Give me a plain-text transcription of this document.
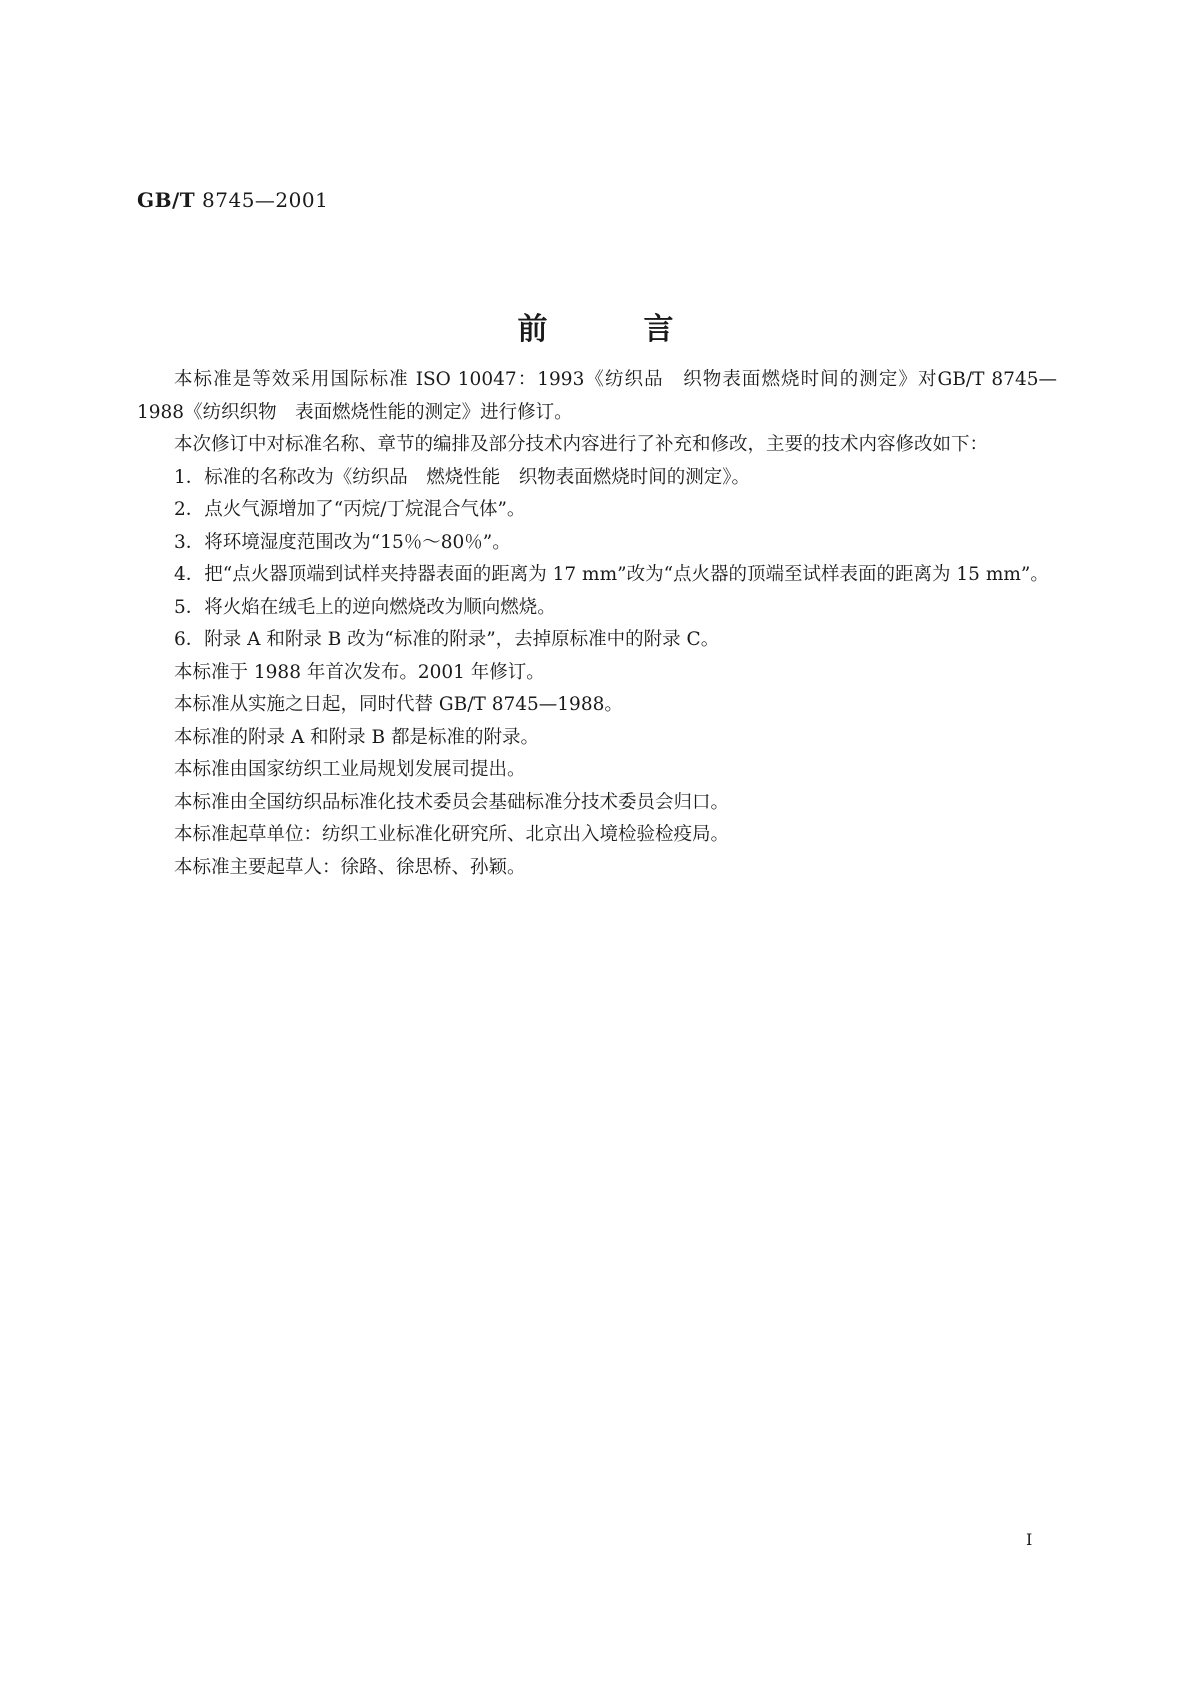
GB/T 8745—2001
前言

本标准是等效采用国际标准 ISO 10047：1993《纺织品　织物表面燃烧时间的测定》对GB/T 8745—1988《纺织织物　表面燃烧性能的测定》进行修订。

本次修订中对标准名称、章节的编排及部分技术内容进行了补充和修改，主要的技术内容修改如下：

1．标准的名称改为《纺织品　燃烧性能　织物表面燃烧时间的测定》。

2．点火气源增加了“丙烷/丁烷混合气体”。

3．将环境湿度范围改为“15％～80％”。

4．把“点火器顶端到试样夹持器表面的距离为 17 mm”改为“点火器的顶端至试样表面的距离为 15 mm”。

5．将火焰在绒毛上的逆向燃烧改为顺向燃烧。

6．附录 A 和附录 B 改为“标准的附录”，去掉原标准中的附录 C。

本标准于 1988 年首次发布。2001 年修订。

本标准从实施之日起，同时代替 GB/T 8745—1988。

本标准的附录 A 和附录 B 都是标准的附录。

本标准由国家纺织工业局规划发展司提出。

本标准由全国纺织品标准化技术委员会基础标准分技术委员会归口。

本标准起草单位：纺织工业标准化研究所、北京出入境检验检疫局。

本标准主要起草人：徐路、徐思桥、孙颖。

I
